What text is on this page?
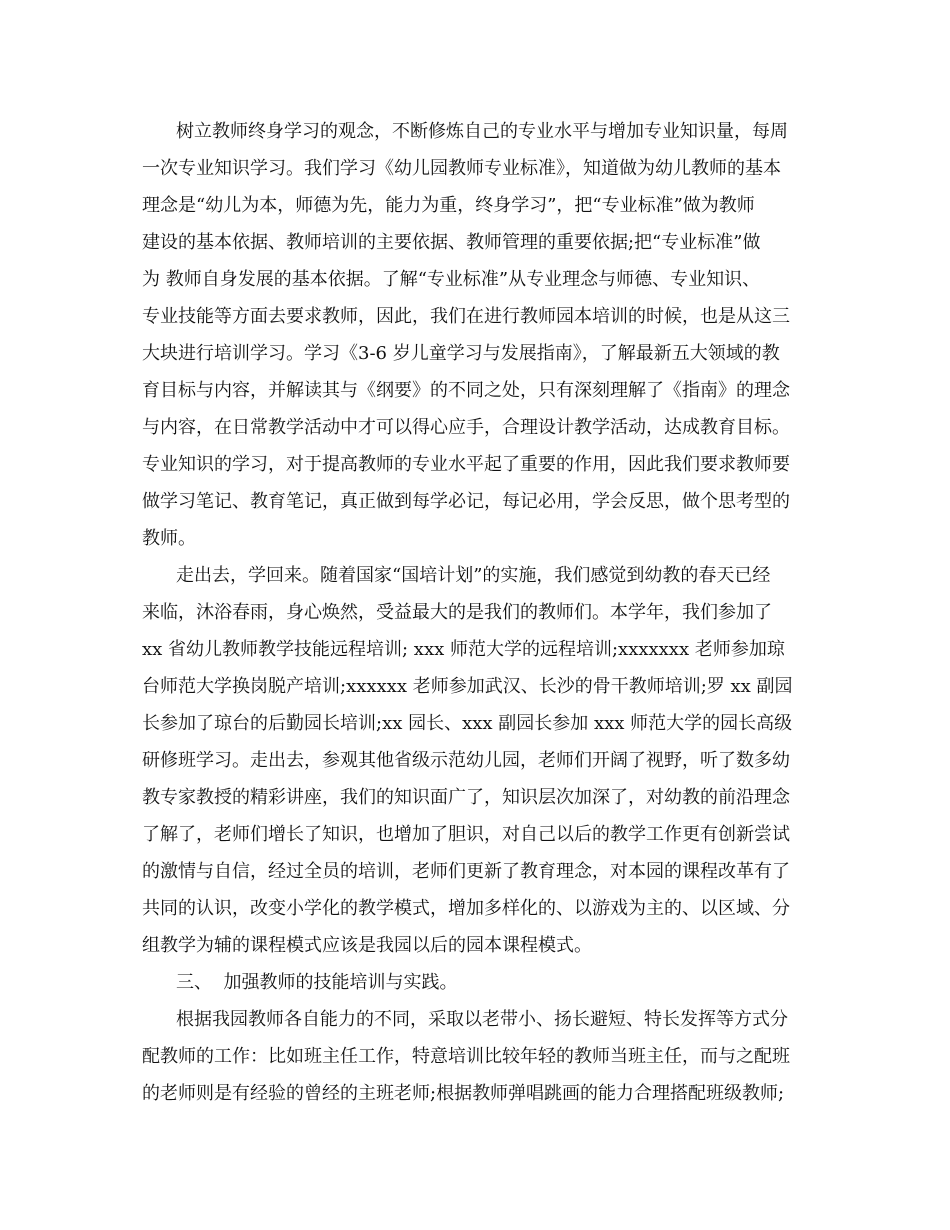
树立教师终身学习的观念，不断修炼自己的专业水平与增加专业知识量，每周
一次专业知识学习。我们学习《幼儿园教师专业标准》，知道做为幼儿教师的基本
理念是“幼儿为本，师德为先，能力为重，终身学习”，把“专业标准”做为教师
建设的基本依据、教师培训的主要依据、教师管理的重要依据;把“专业标准”做
为 教师自身发展的基本依据。了解“专业标准”从专业理念与师德、专业知识、
专业技能等方面去要求教师，因此，我们在进行教师园本培训的时候，也是从这三
大块进行培训学习。学习《3-6 岁儿童学习与发展指南》，了解最新五大领域的教
育目标与内容，并解读其与《纲要》的不同之处，只有深刻理解了《指南》的理念
与内容，在日常教学活动中才可以得心应手，合理设计教学活动，达成教育目标。
专业知识的学习，对于提高教师的专业水平起了重要的作用，因此我们要求教师要
做学习笔记、教育笔记，真正做到每学必记，每记必用，学会反思，做个思考型的
教师。
走出去，学回来。随着国家“国培计划”的实施，我们感觉到幼教的春天已经
来临，沐浴春雨，身心焕然，受益最大的是我们的教师们。本学年，我们参加了
xx 省幼儿教师教学技能远程培训; xxx 师范大学的远程培训;xxxxxxx 老师参加琼
台师范大学换岗脱产培训;xxxxxx 老师参加武汉、长沙的骨干教师培训;罗 xx 副园
长参加了琼台的后勤园长培训;xx 园长、xxx 副园长参加 xxx 师范大学的园长高级
研修班学习。走出去，参观其他省级示范幼儿园，老师们开阔了视野，听了数多幼
教专家教授的精彩讲座，我们的知识面广了，知识层次加深了，对幼教的前沿理念
了解了，老师们增长了知识，也增加了胆识，对自己以后的教学工作更有创新尝试
的激情与自信，经过全员的培训，老师们更新了教育理念，对本园的课程改革有了
共同的认识，改变小学化的教学模式，增加多样化的、以游戏为主的、以区域、分
组教学为辅的课程模式应该是我园以后的园本课程模式。
三、  加强教师的技能培训与实践。
根据我园教师各自能力的不同，采取以老带小、扬长避短、特长发挥等方式分
配教师的工作：比如班主任工作，特意培训比较年轻的教师当班主任，而与之配班
的老师则是有经验的曾经的主班老师;根据教师弹唱跳画的能力合理搭配班级教师;
